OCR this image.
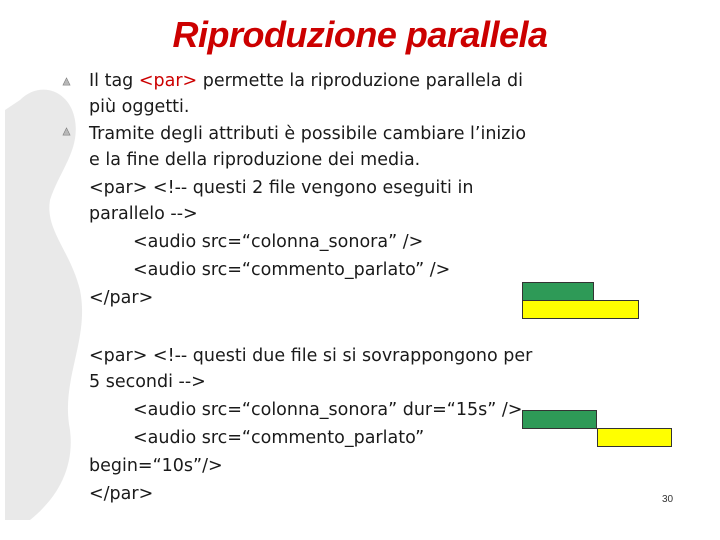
Riproduzione parallela
Il tag <par> permette la riproduzione parallela di
più oggetti.
Tramite degli attributi è possibile cambiare l’inizio
e la fine della riproduzione dei media.
<par> <!-- questi 2 file vengono eseguiti in
parallelo -->
<audio src=“colonna_sonora” />
<audio src=“commento_parlato” />
</par>
<par> <!-- questi due file si si sovrappongono per
5 secondi -->
<audio src=“colonna_sonora” dur=“15s” />
<audio src=“commento_parlato”
begin=“10s”/>
</par>	30
